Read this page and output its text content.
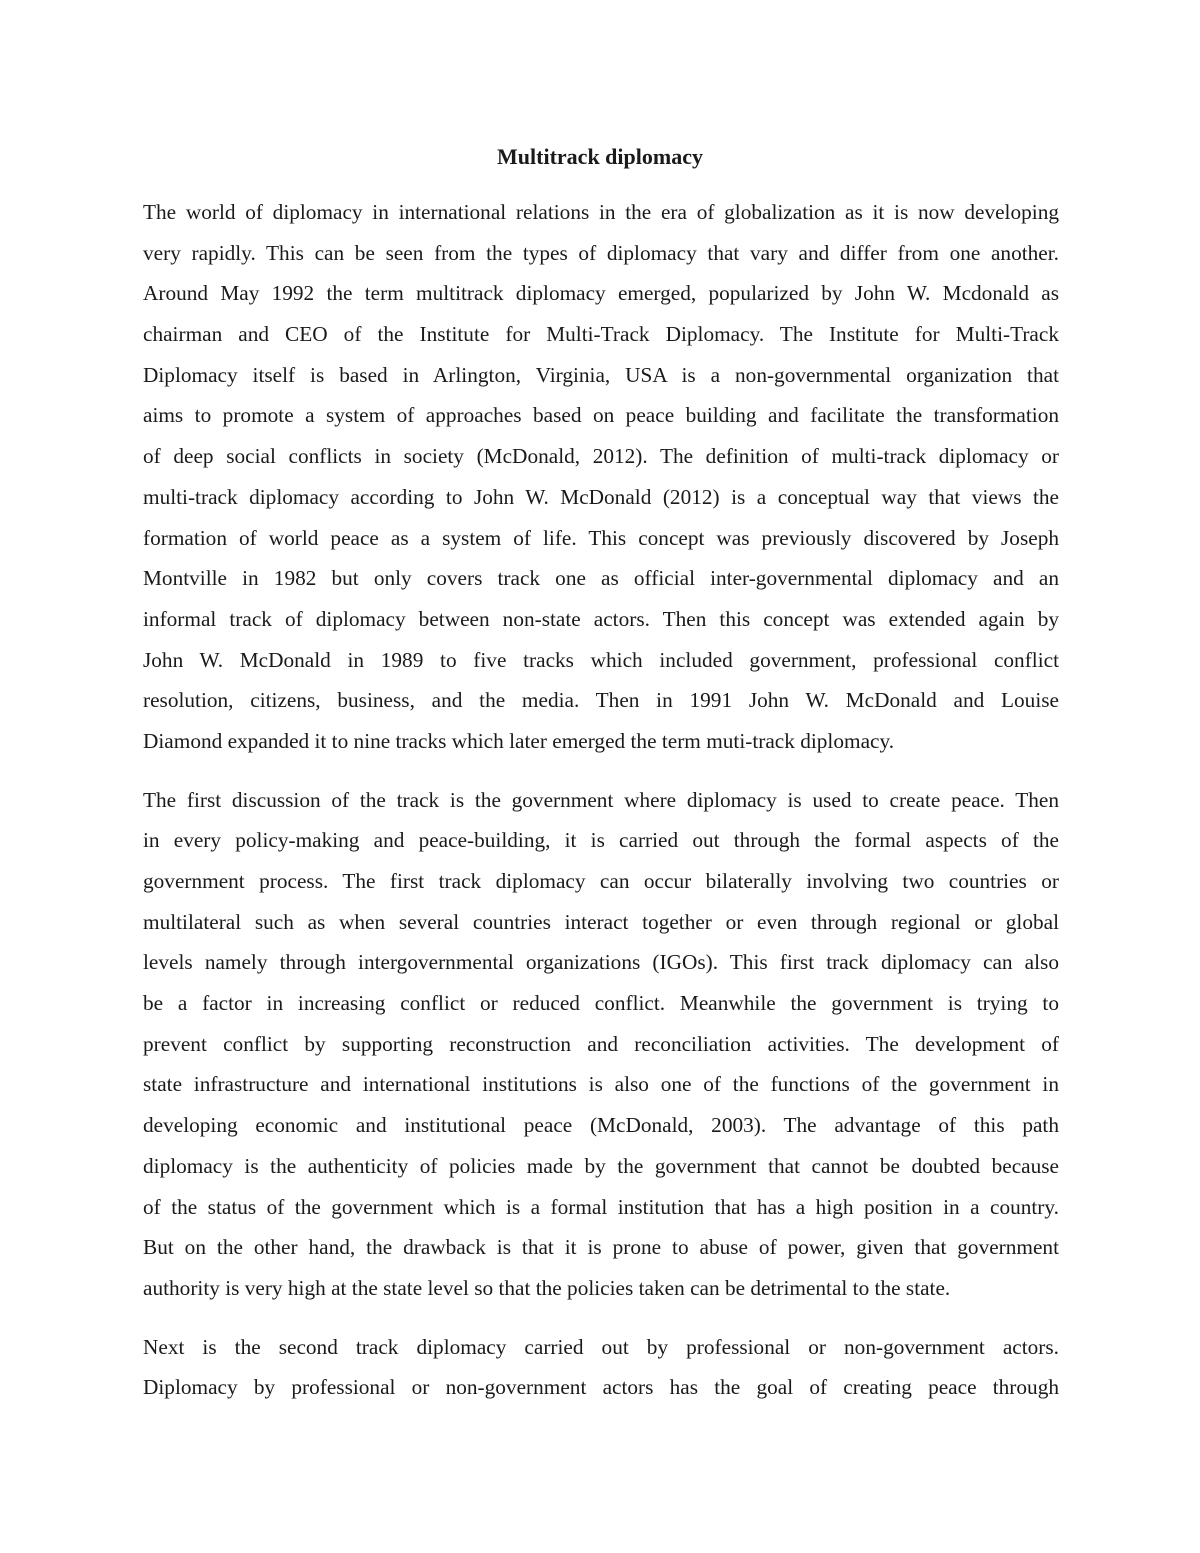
Multitrack diplomacy
The world of diplomacy in international relations in the era of globalization as it is now developing
very rapidly. This can be seen from the types of diplomacy that vary and differ from one another.
Around May 1992 the term multitrack diplomacy emerged, popularized by John W. Mcdonald as
chairman and CEO of the Institute for Multi-Track Diplomacy. The Institute for Multi-Track
Diplomacy itself is based in Arlington, Virginia, USA is a non-governmental organization that
aims to promote a system of approaches based on peace building and facilitate the transformation
of deep social conflicts in society (McDonald, 2012). The definition of multi-track diplomacy or
multi-track diplomacy according to John W. McDonald (2012) is a conceptual way that views the
formation of world peace as a system of life. This concept was previously discovered by Joseph
Montville in 1982 but only covers track one as official inter-governmental diplomacy and an
informal track of diplomacy between non-state actors. Then this concept was extended again by
John W. McDonald in 1989 to five tracks which included government, professional conflict
resolution, citizens, business, and the media. Then in 1991 John W. McDonald and Louise
Diamond expanded it to nine tracks which later emerged the term muti-track diplomacy.
The first discussion of the track is the government where diplomacy is used to create peace. Then
in every policy-making and peace-building, it is carried out through the formal aspects of the
government process. The first track diplomacy can occur bilaterally involving two countries or
multilateral such as when several countries interact together or even through regional or global
levels namely through intergovernmental organizations (IGOs). This first track diplomacy can also
be a factor in increasing conflict or reduced conflict. Meanwhile the government is trying to
prevent conflict by supporting reconstruction and reconciliation activities. The development of
state infrastructure and international institutions is also one of the functions of the government in
developing economic and institutional peace (McDonald, 2003). The advantage of this path
diplomacy is the authenticity of policies made by the government that cannot be doubted because
of the status of the government which is a formal institution that has a high position in a country.
But on the other hand, the drawback is that it is prone to abuse of power, given that government
authority is very high at the state level so that the policies taken can be detrimental to the state.
Next is the second track diplomacy carried out by professional or non-government actors.
Diplomacy by professional or non-government actors has the goal of creating peace through
